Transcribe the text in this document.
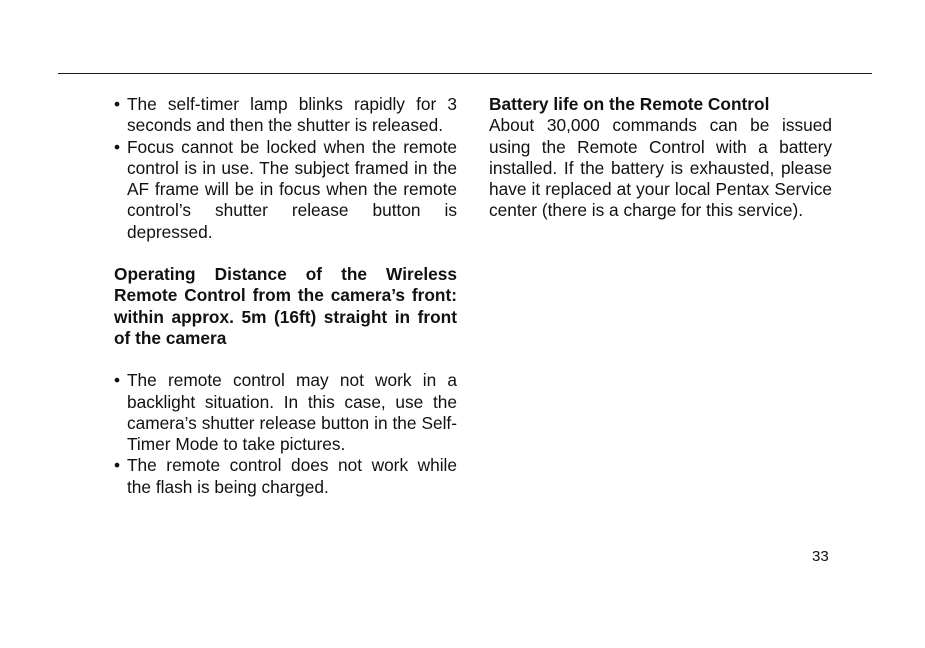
• The self-timer lamp blinks rapidly for 3 seconds and then the shutter is released.

• Focus cannot be locked when the remote control is in use. The subject framed in the AF frame will be in focus when the remote control’s shutter release button is depressed.

Operating Distance of the Wireless Remote Control from the camera’s front: within approx. 5m (16ft) straight in front of the camera

• The remote control may not work in a backlight situation. In this case, use the camera’s shutter release button in the Self-Timer Mode to take pictures.

• The remote control does not work while the flash is being charged.

Battery life on the Remote Control

About 30,000 commands can be issued using the Remote Control with a battery installed. If the battery is exhausted, please have it replaced at your local Pentax Service center (there is a charge for this service).

33
